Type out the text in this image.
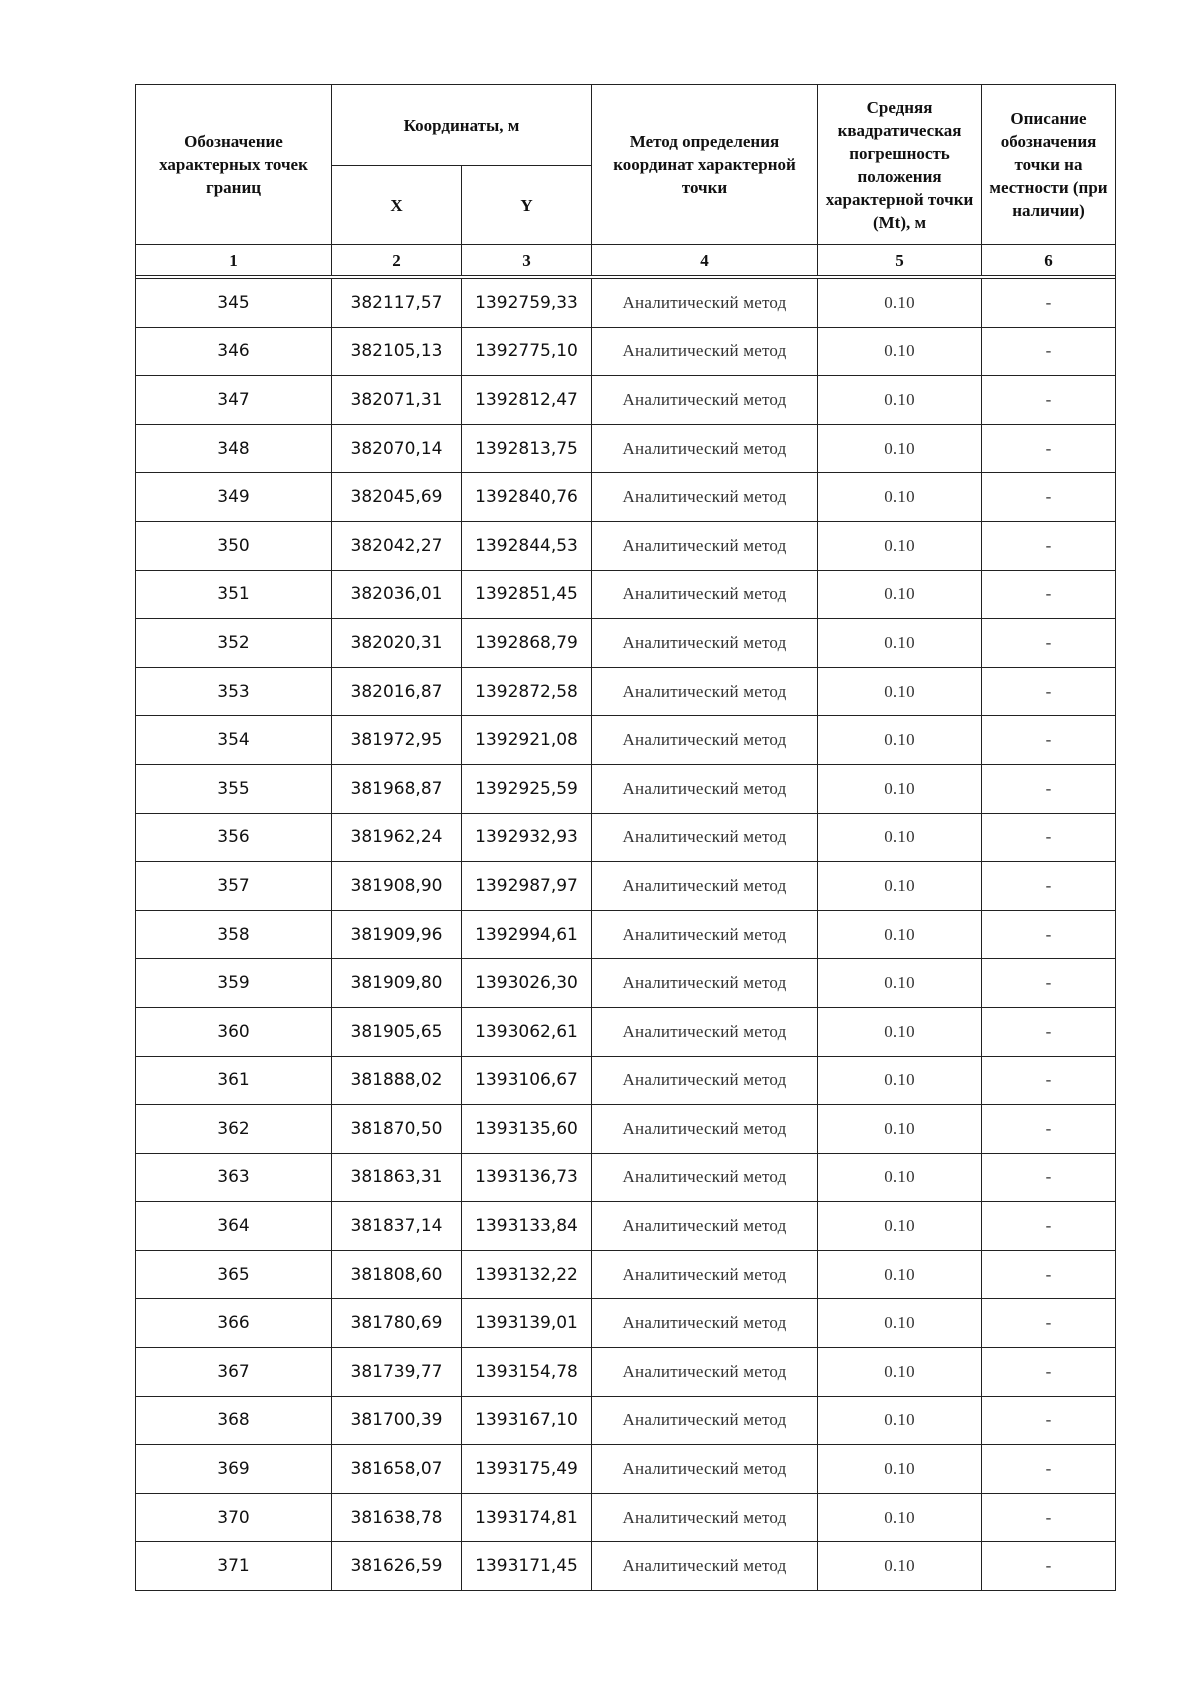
Обозначение характерных точек границ	Координаты, м		Метод определения координат характерной точки	Средняя квадратическая погрешность положения характерной точки (Mt), м	Описание обозначения точки на местности (при наличии)
	X	Y			
1	2	3	4	5	6

345	382117,57	1392759,33	Аналитический метод	0.10	-
346	382105,13	1392775,10	Аналитический метод	0.10	-
347	382071,31	1392812,47	Аналитический метод	0.10	-
348	382070,14	1392813,75	Аналитический метод	0.10	-
349	382045,69	1392840,76	Аналитический метод	0.10	-
350	382042,27	1392844,53	Аналитический метод	0.10	-
351	382036,01	1392851,45	Аналитический метод	0.10	-
352	382020,31	1392868,79	Аналитический метод	0.10	-
353	382016,87	1392872,58	Аналитический метод	0.10	-
354	381972,95	1392921,08	Аналитический метод	0.10	-
355	381968,87	1392925,59	Аналитический метод	0.10	-
356	381962,24	1392932,93	Аналитический метод	0.10	-
357	381908,90	1392987,97	Аналитический метод	0.10	-
358	381909,96	1392994,61	Аналитический метод	0.10	-
359	381909,80	1393026,30	Аналитический метод	0.10	-
360	381905,65	1393062,61	Аналитический метод	0.10	-
361	381888,02	1393106,67	Аналитический метод	0.10	-
362	381870,50	1393135,60	Аналитический метод	0.10	-
363	381863,31	1393136,73	Аналитический метод	0.10	-
364	381837,14	1393133,84	Аналитический метод	0.10	-
365	381808,60	1393132,22	Аналитический метод	0.10	-
366	381780,69	1393139,01	Аналитический метод	0.10	-
367	381739,77	1393154,78	Аналитический метод	0.10	-
368	381700,39	1393167,10	Аналитический метод	0.10	-
369	381658,07	1393175,49	Аналитический метод	0.10	-
370	381638,78	1393174,81	Аналитический метод	0.10	-
371	381626,59	1393171,45	Аналитический метод	0.10	-
